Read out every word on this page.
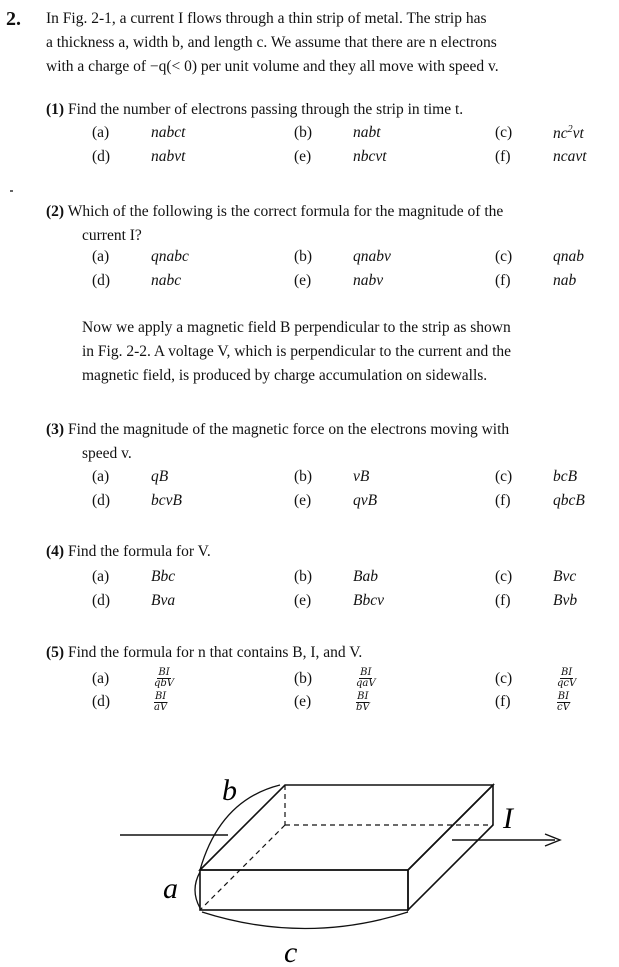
2. In Fig. 2-1, a current I flows through a thin strip of metal. The strip has
a thickness a, width b, and length c. We assume that there are n electrons
with a charge of −q(< 0) per unit volume and they all move with speed v.
(1) Find the number of electrons passing through the strip in time t.
(a)	nabct	(b)	nabt	(c)	$nc^2vt$
(d)	nabvt	(e)	nbcvt	(f)	ncavt
(2) Which of the following is the correct formula for the magnitude of the
current I?
(a)	qnabc	(b)	qnabv	(c)	qnab
(d)	nabc	(e)	nabv	(f)	nab
Now we apply a magnetic field B perpendicular to the strip as shown
in Fig. 2-2. A voltage V, which is perpendicular to the current and the
magnetic field, is produced by charge accumulation on sidewalls.
(3) Find the magnitude of the magnetic force on the electrons moving with
speed v.
(a)	qB	(b)	vB	(c)	bcB
(d)	bcvB	(e)	qvB	(f)	qbcB
(4) Find the formula for V.
(a)	Bbc	(b)	Bab	(c)	Bvc
(d)	Bva	(e)	Bbcv	(f)	Bvb
(5) Find the formula for n that contains B, I, and V.
(a)	BI
qbV	(b)	BI
qaV	(c)	BI
qcV
(d)	$\frac{BI}{aV}$	(e)	$\frac{BI}{bV}$	(f)	$\frac{BI}{cV}$
b
a
c
I
